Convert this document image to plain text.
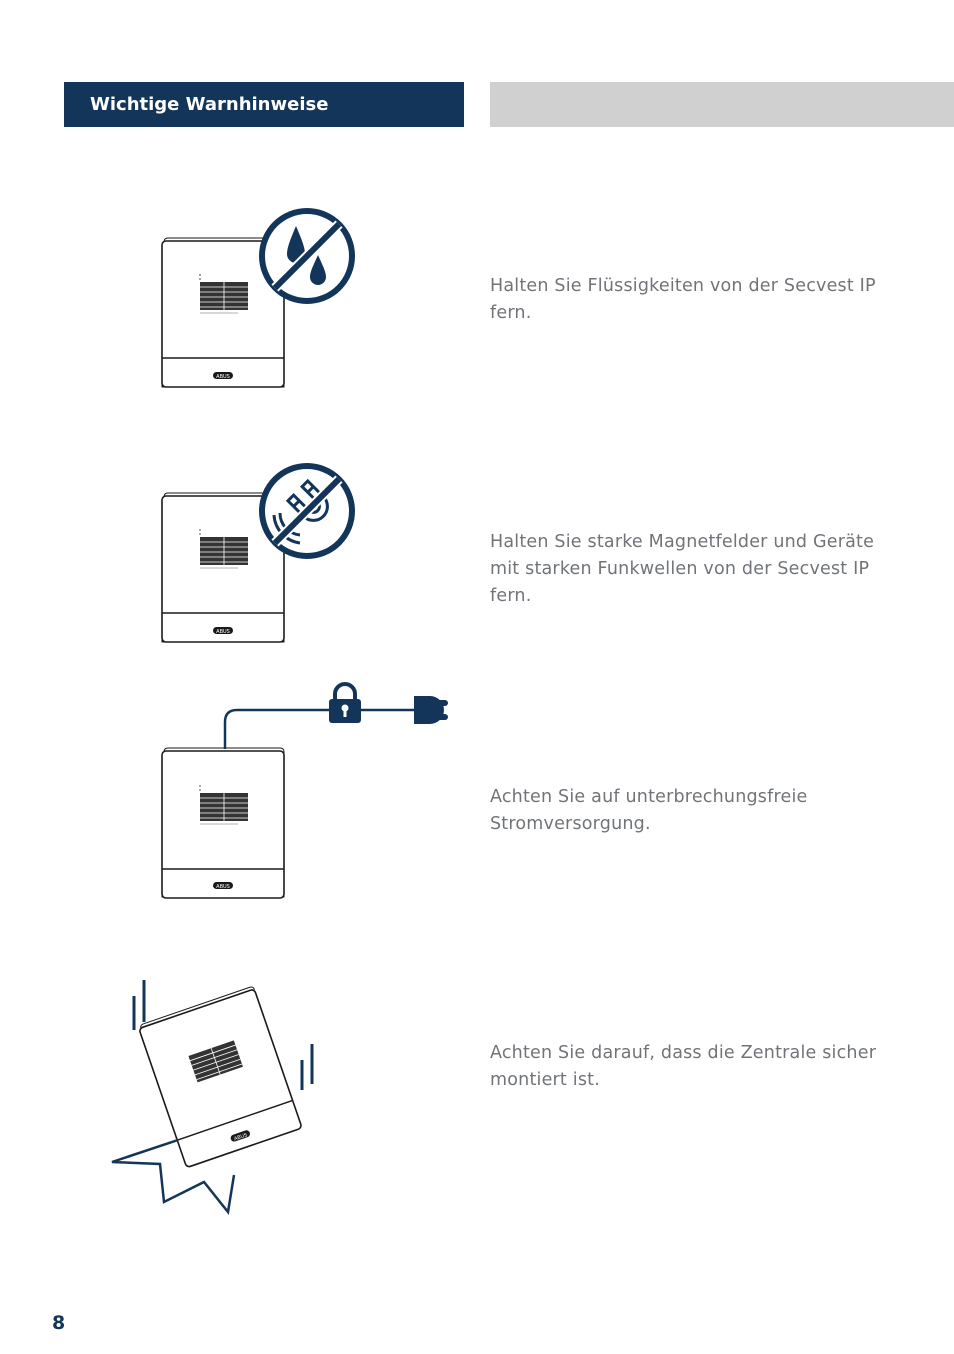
Wichtige Warnhinweise
ABUS
Halten Sie Flüssigkeiten von der Secvest IP fern.
ABUS
Halten Sie starke Magnetfelder und Geräte mit starken Funkwellen von der Secvest IP fern.
ABUS
Achten Sie auf unterbrechungsfreie Stromversorgung.
ABUS
Achten Sie darauf, dass die Zentrale sicher montiert ist.
8
